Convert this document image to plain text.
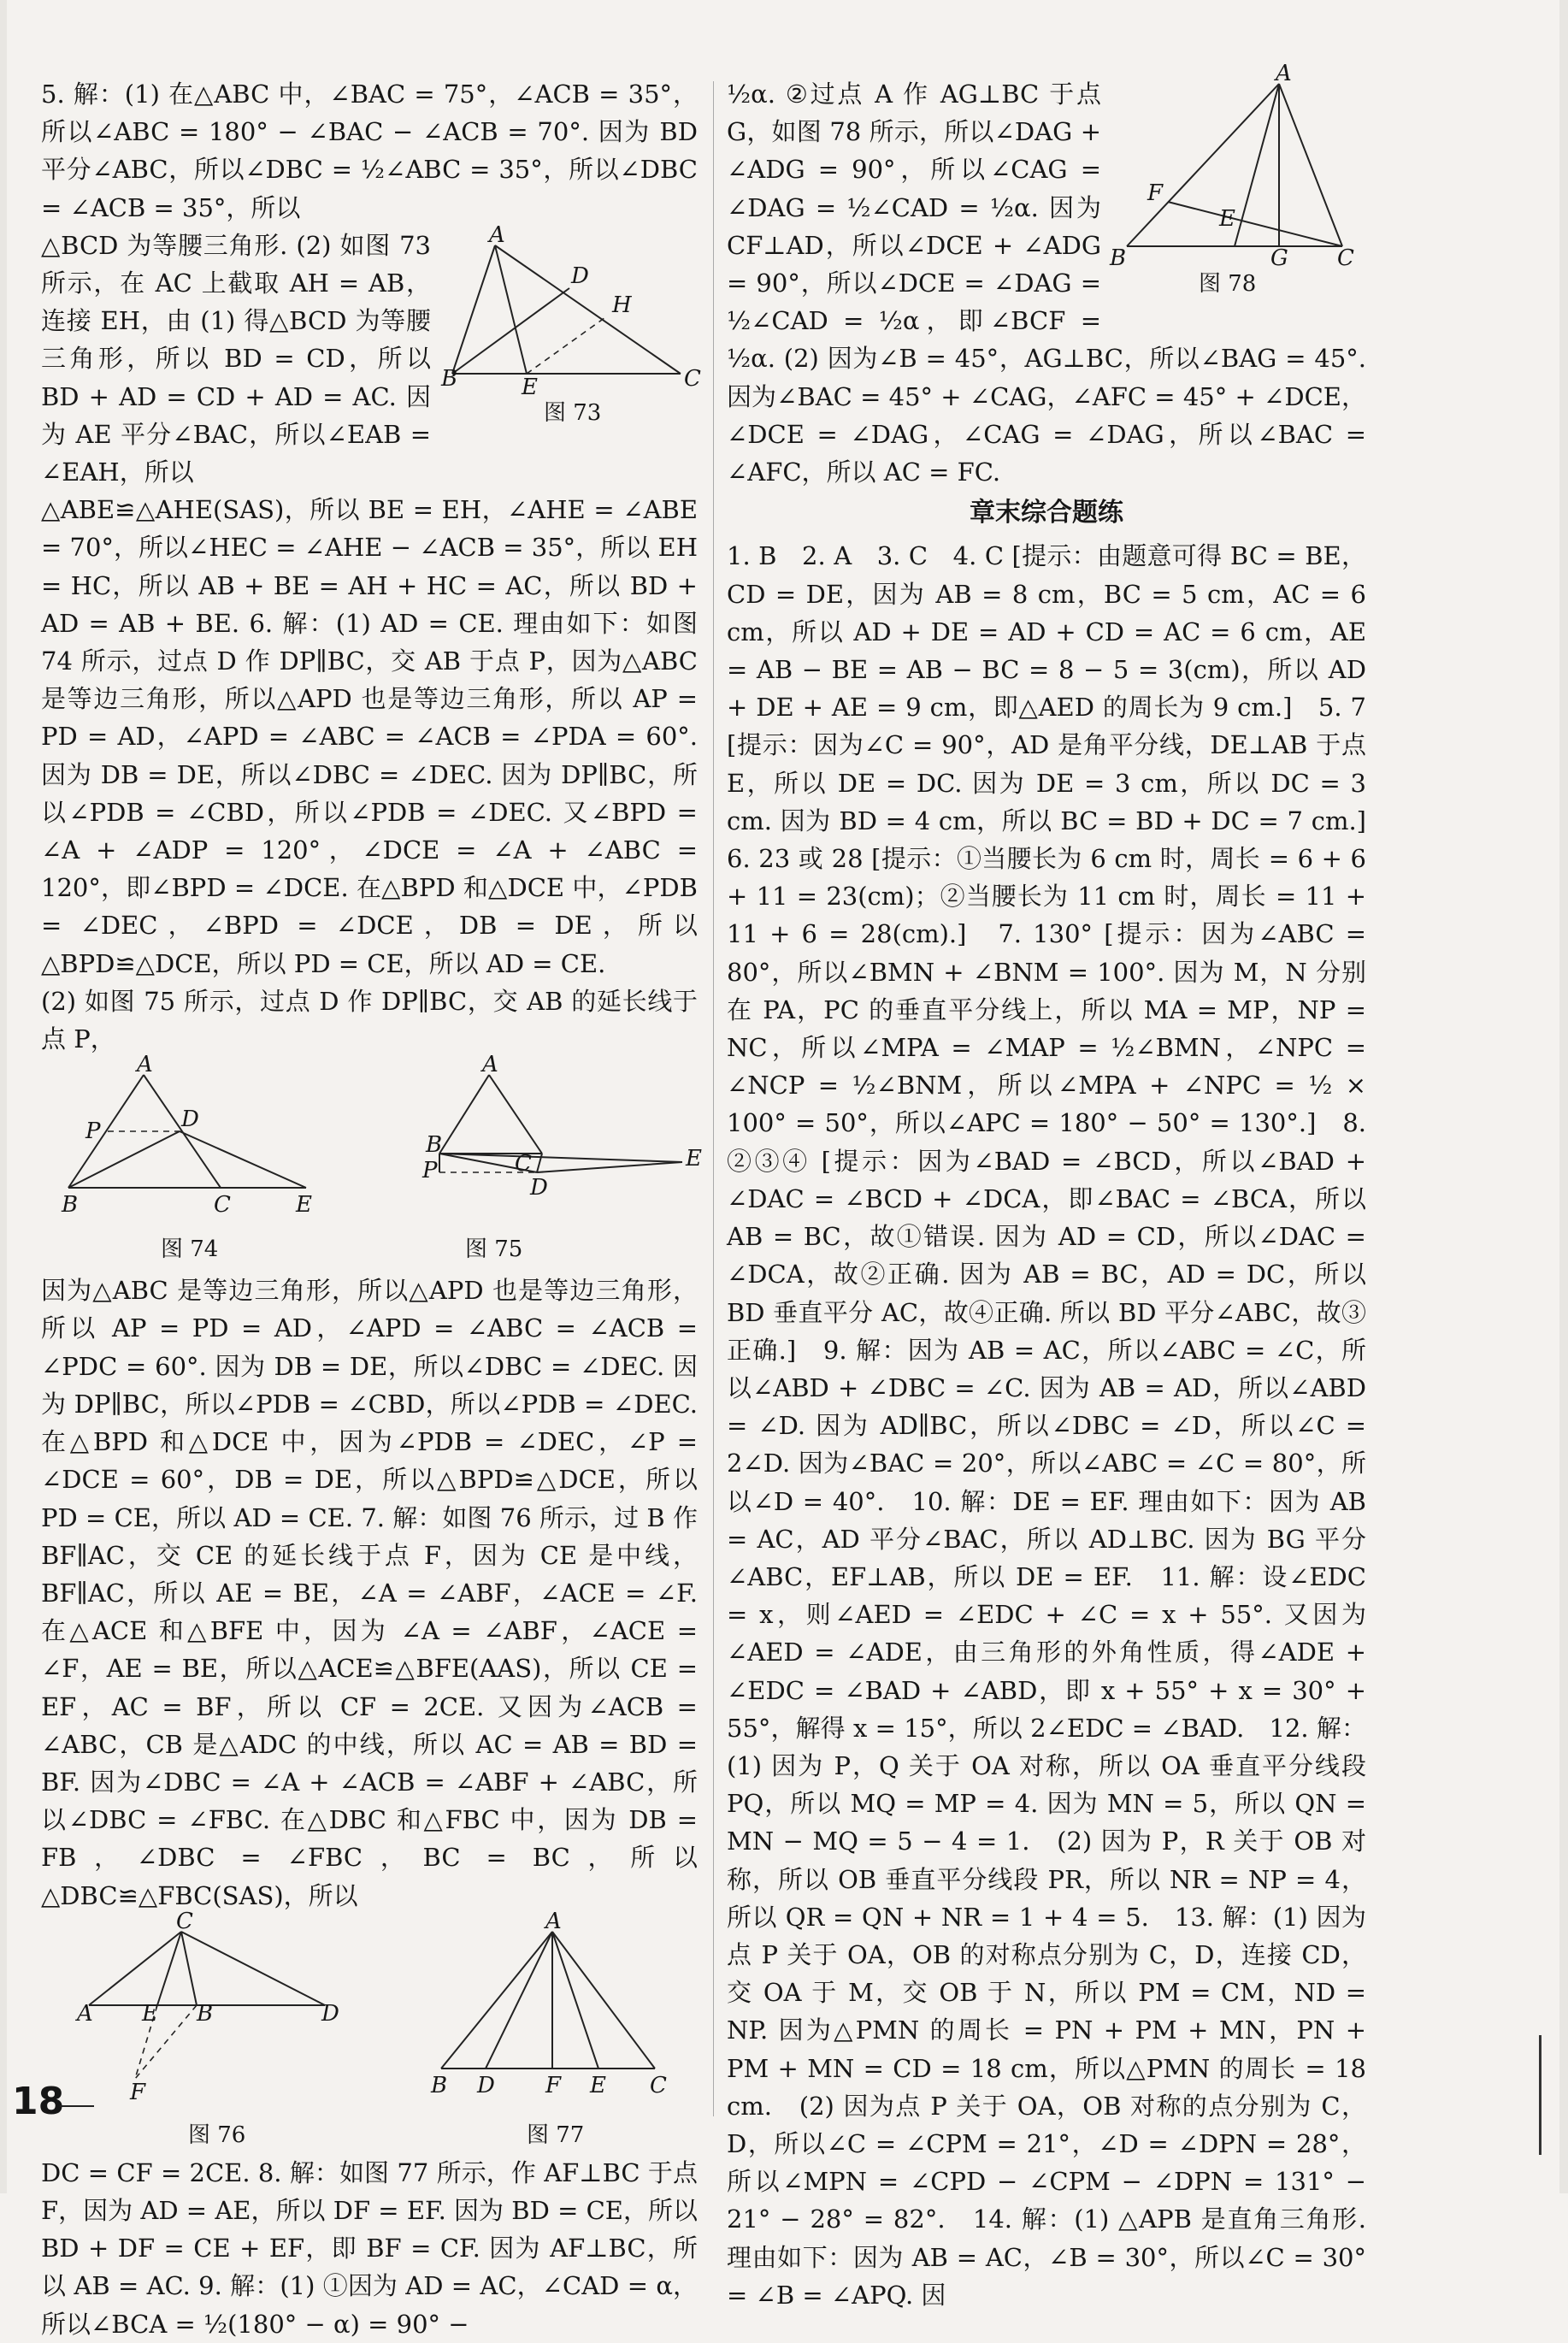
5. 解：(1) 在△ABC 中，∠BAC = 75°，∠ACB = 35°，所以∠ABC = 180° − ∠BAC − ∠ACB = 70°. 因为 BD 平分∠ABC，所以∠DBC = ½∠ABC = 35°，所以∠DBC = ∠ACB = 35°，所以

A
D
H
B	E	C
图 73

△BCD 为等腰三角形. (2) 如图 73 所示，在 AC 上截取 AH = AB，连接 EH，由 (1) 得△BCD 为等腰三角形，所以 BD = CD，所以 BD + AD = CD + AD = AC. 因为 AE 平分∠BAC，所以∠EAB = ∠EAH，所以

△ABE≌△AHE(SAS)，所以 BE = EH，∠AHE = ∠ABE = 70°，所以∠HEC = ∠AHE − ∠ACB = 35°，所以 EH = HC，所以 AB + BE = AH + HC = AC，所以 BD + AD = AB + BE. 6. 解：(1) AD = CE. 理由如下：如图 74 所示，过点 D 作 DP∥BC，交 AB 于点 P，因为△ABC 是等边三角形，所以△APD 也是等边三角形，所以 AP = PD = AD，∠APD = ∠ABC = ∠ACB = ∠PDA = 60°. 因为 DB = DE，所以∠DBC = ∠DEC. 因为 DP∥BC，所以∠PDB = ∠CBD，所以∠PDB = ∠DEC. 又∠BPD = ∠A + ∠ADP = 120°，∠DCE = ∠A + ∠ABC = 120°，即∠BPD = ∠DCE. 在△BPD 和△DCE 中，∠PDB = ∠DEC，∠BPD = ∠DCE，DB = DE，所以△BPD≌△DCE，所以 PD = CE，所以 AD = CE.

(2) 如图 75 所示，过点 D 作 DP∥BC，交 AB 的延长线于点 P，

A
P	D
B	C	E
图 74
A
B
C	E
P
D
图 75

因为△ABC 是等边三角形，所以△APD 也是等边三角形，所以 AP = PD = AD，∠APD = ∠ABC = ∠ACB = ∠PDC = 60°. 因为 DB = DE，所以∠DBC = ∠DEC. 因为 DP∥BC，所以∠PDB = ∠CBD，所以∠PDB = ∠DEC. 在△BPD 和△DCE 中，因为∠PDB = ∠DEC，∠P = ∠DCE = 60°，DB = DE，所以△BPD≌△DCE，所以 PD = CE，所以 AD = CE. 7. 解：如图 76 所示，过 B 作 BF∥AC，交 CE 的延长线于点 F，因为 CE 是中线，BF∥AC，所以 AE = BE，∠A = ∠ABF，∠ACE = ∠F. 在△ACE 和△BFE 中，因为 ∠A = ∠ABF，∠ACE = ∠F，AE = BE，所以△ACE≌△BFE(AAS)，所以 CE = EF，AC = BF，所以 CF = 2CE. 又因为∠ACB = ∠ABC，CB 是△ADC 的中线，所以 AC = AB = BD = BF. 因为∠DBC = ∠A + ∠ACB = ∠ABF + ∠ABC，所以∠DBC = ∠FBC. 在△DBC 和△FBC 中，因为 DB = FB，∠DBC = ∠FBC，BC = BC，所以△DBC≌△FBC(SAS)，所以

C
A E B	D
F
图 76
A
B D F E C
图 77

DC = CF = 2CE. 8. 解：如图 77 所示，作 AF⊥BC 于点 F，因为 AD = AE，所以 DF = EF. 因为 BD = CE，所以 BD + DF = CE + EF，即 BF = CF. 因为 AF⊥BC，所以 AB = AC. 9. 解：(1) ①因为 AD = AC，∠CAD = α，所以∠BCA = ½(180° − α) = 90° −

A
F
E
B	G C
图 78

½α. ②过点 A 作 AG⊥BC 于点 G，如图 78 所示，所以∠DAG + ∠ADG = 90°，所以∠CAG = ∠DAG = ½∠CAD = ½α. 因为 CF⊥AD，所以∠DCE + ∠ADG = 90°，所以∠DCE = ∠DAG = ½∠CAD = ½α，即∠BCF = ½α. (2) 因为∠B = 45°，AG⊥BC，所以∠BAG = 45°. 因为∠BAC = 45° + ∠CAG，∠AFC = 45° + ∠DCE，∠DCE = ∠DAG，∠CAG = ∠DAG，所以∠BAC = ∠AFC，所以 AC = FC.

章末综合题练

1. B　2. A　3. C　4. C [提示：由题意可得 BC = BE，CD = DE，因为 AB = 8 cm，BC = 5 cm，AC = 6 cm，所以 AD + DE = AD + CD = AC = 6 cm，AE = AB − BE = AB − BC = 8 − 5 = 3(cm)，所以 AD + DE + AE = 9 cm，即△AED 的周长为 9 cm.]　5. 7 [提示：因为∠C = 90°，AD 是角平分线，DE⊥AB 于点 E，所以 DE = DC. 因为 DE = 3 cm，所以 DC = 3 cm. 因为 BD = 4 cm，所以 BC = BD + DC = 7 cm.]　6. 23 或 28 [提示：①当腰长为 6 cm 时，周长 = 6 + 6 + 11 = 23(cm)；②当腰长为 11 cm 时，周长 = 11 + 11 + 6 = 28(cm).]　7. 130° [提示：因为∠ABC = 80°，所以∠BMN + ∠BNM = 100°. 因为 M，N 分别在 PA，PC 的垂直平分线上，所以 MA = MP，NP = NC，所以∠MPA = ∠MAP = ½∠BMN，∠NPC = ∠NCP = ½∠BNM，所以∠MPA + ∠NPC = ½ × 100° = 50°，所以∠APC = 180° − 50° = 130°.]　8. ②③④ [提示：因为∠BAD = ∠BCD，所以∠BAD + ∠DAC = ∠BCD + ∠DCA，即∠BAC = ∠BCA，所以 AB = BC，故①错误. 因为 AD = CD，所以∠DAC = ∠DCA，故②正确. 因为 AB = BC，AD = DC，所以 BD 垂直平分 AC，故④正确. 所以 BD 平分∠ABC，故③正确.]　9. 解：因为 AB = AC，所以∠ABC = ∠C，所以∠ABD + ∠DBC = ∠C. 因为 AB = AD，所以∠ABD = ∠D. 因为 AD∥BC，所以∠DBC = ∠D，所以∠C = 2∠D. 因为∠BAC = 20°，所以∠ABC = ∠C = 80°，所以∠D = 40°.　10. 解：DE = EF. 理由如下：因为 AB = AC，AD 平分∠BAC，所以 AD⊥BC. 因为 BG 平分∠ABC，EF⊥AB，所以 DE = EF.　11. 解：设∠EDC = x，则∠AED = ∠EDC + ∠C = x + 55°. 又因为∠AED = ∠ADE，由三角形的外角性质，得∠ADE + ∠EDC = ∠BAD + ∠ABD，即 x + 55° + x = 30° + 55°，解得 x = 15°，所以 2∠EDC = ∠BAD.　12. 解：(1) 因为 P，Q 关于 OA 对称，所以 OA 垂直平分线段 PQ，所以 MQ = MP = 4. 因为 MN = 5，所以 QN = MN − MQ = 5 − 4 = 1.　(2) 因为 P，R 关于 OB 对称，所以 OB 垂直平分线段 PR，所以 NR = NP = 4，所以 QR = QN + NR = 1 + 4 = 5.　13. 解：(1) 因为点 P 关于 OA，OB 的对称点分别为 C，D，连接 CD，交 OA 于 M，交 OB 于 N，所以 PM = CM，ND = NP. 因为△PMN 的周长 = PN + PM + MN，PN + PM + MN = CD = 18 cm，所以△PMN 的周长 = 18 cm.　(2) 因为点 P 关于 OA，OB 对称的点分别为 C，D，所以∠C = ∠CPM = 21°，∠D = ∠DPN = 28°，所以∠MPN = ∠CPD − ∠CPM − ∠DPN = 131° − 21° − 28° = 82°.　14. 解：(1) △APB 是直角三角形. 理由如下：因为 AB = AC，∠B = 30°，所以∠C = 30° = ∠B = ∠APQ. 因

18
